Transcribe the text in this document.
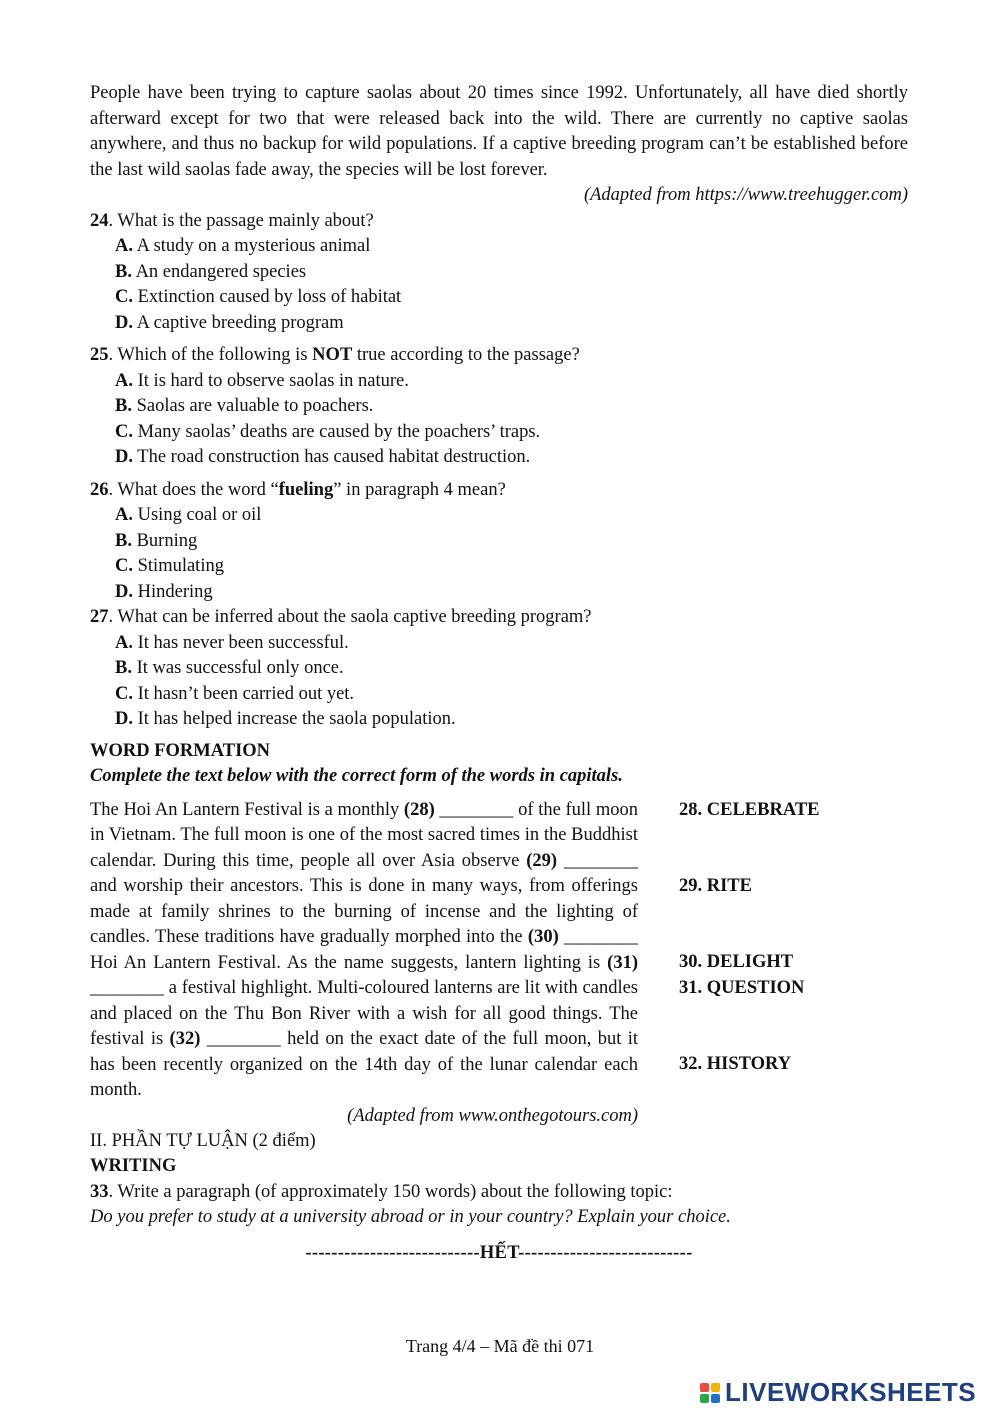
People have been trying to capture saolas about 20 times since 1992. Unfortunately, all have died shortly afterward except for two that were released back into the wild. There are currently no captive saolas anywhere, and thus no backup for wild populations. If a captive breeding program can’t be established before the last wild saolas fade away, the species will be lost forever.

(Adapted from https://www.treehugger.com)

24. What is the passage mainly about?

A. A study on a mysterious animal

B. An endangered species

C. Extinction caused by loss of habitat

D. A captive breeding program

25. Which of the following is NOT true according to the passage?

A. It is hard to observe saolas in nature.

B. Saolas are valuable to poachers.

C. Many saolas’ deaths are caused by the poachers’ traps.

D. The road construction has caused habitat destruction.

26. What does the word “fueling” in paragraph 4 mean?

A. Using coal or oil

B. Burning

C. Stimulating

D. Hindering

27. What can be inferred about the saola captive breeding program?

A. It has never been successful.

B. It was successful only once.

C. It hasn’t been carried out yet.

D. It has helped increase the saola population.

WORD FORMATION

Complete the text below with the correct form of the words in capitals.

The Hoi An Lantern Festival is a monthly (28) ________ of the full moon in Vietnam. The full moon is one of the most sacred times in the Buddhist calendar. During this time, people all over Asia observe (29) ________ and worship their ancestors. This is done in many ways, from offerings made at family shrines to the burning of incense and the lighting of candles. These traditions have gradually morphed into the (30) ________ Hoi An Lantern Festival. As the name suggests, lantern lighting is (31) ________ a festival highlight. Multi-coloured lanterns are lit with candles and placed on the Thu Bon River with a wish for all good things. The festival is (32) ________ held on the exact date of the full moon, but it has been recently organized on the 14th day of the lunar calendar each month.

(Adapted from www.onthegotours.com)

28. CELEBRATE
29. RITE
30. DELIGHT
31. QUESTION
32. HISTORY

II. PHẦN TỰ LUẬN (2 điểm)

WRITING

33. Write a paragraph (of approximately 150 words) about the following topic:

Do you prefer to study at a university abroad or in your country? Explain your choice.

---------------------------HẾT---------------------------

Trang 4/4 – Mã đề thi 071
LIVEWORKSHEETS
